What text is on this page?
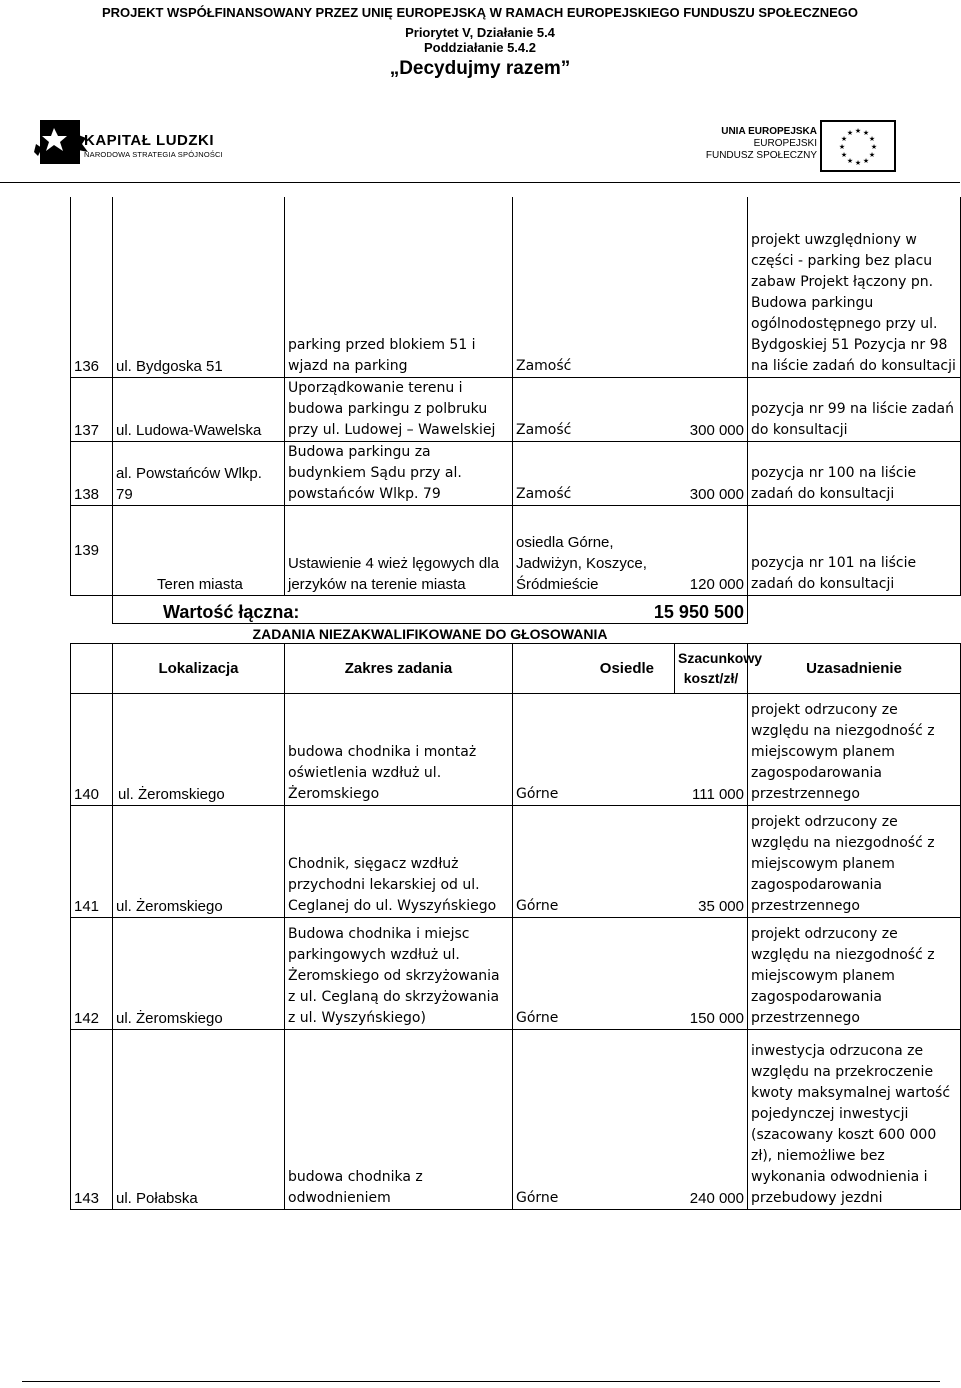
PROJEKT WSPÓŁFINANSOWANY PRZEZ UNIĘ EUROPEJSKĄ W RAMACH EUROPEJSKIEGO FUNDUSZU SPOŁECZNEGO
Priorytet V, Działanie 5.4
Poddziałanie 5.4.2
„Decydujmy razem”
KAPITAŁ LUDZKI
NARODOWA STRATEGIA SPÓJNOŚCI
UNIA EUROPEJSKA
EUROPEJSKI
FUNDUSZ SPOŁECZNY
★ ★
★
★
★
★
★
★
★
★
★
★
136	ul. Bydgoska 51	parking przed blokiem 51 i wjazd na parking	Zamość		projekt uwzględniony w części - parking bez placu zabaw Projekt łączony pn. Budowa parkingu ogólnodostępnego przy ul. Bydgoskiej 51 Pozycja nr 98 na liście zadań do konsultacji
137	ul. Ludowa-Wawelska	Uporządkowanie terenu i budowa parkingu z polbruku przy ul. Ludowej – Wawelskiej	Zamość	300 000	pozycja nr 99 na liście zadań do konsultacji
138	al. Powstańców Wlkp. 79	Budowa parkingu za budynkiem Sądu przy al. powstańców Wlkp. 79	Zamość	300 000	pozycja nr 100 na liście zadań do konsultacji
139	Teren miasta	Ustawienie 4 wież lęgowych dla jerzyków na terenie miasta	osiedla Górne, Jadwiżyn, Koszyce, Śródmieście	120 000	pozycja nr 101 na liście zadań do konsultacji
	Wartość łączna:		15 950 500		
	ZADANIA NIEZAKWALIFIKOWANE DO GŁOSOWANIA				
	Lokalizacja	Zakres zadania	Osiedle	Szacunkowy koszt/zł/	Uzasadnienie
140	ul. Żeromskiego	budowa chodnika i montaż oświetlenia wzdłuż ul. Żeromskiego	Górne	111 000	projekt odrzucony ze względu na niezgodność z miejscowym planem zagospodarowania przestrzennego
141	ul. Żeromskiego	Chodnik, sięgacz wzdłuż przychodni lekarskiej od ul. Ceglanej do ul. Wyszyńskiego	Górne	35 000	projekt odrzucony ze względu na niezgodność z miejscowym planem zagospodarowania przestrzennego
142	ul. Żeromskiego	Budowa chodnika i miejsc parkingowych wzdłuż ul. Żeromskiego od skrzyżowania z ul. Ceglaną do skrzyżowania z ul. Wyszyńskiego)	Górne	150 000	projekt odrzucony ze względu na niezgodność z miejscowym planem zagospodarowania przestrzennego
143	ul. Połabska	budowa chodnika z odwodnieniem	Górne	240 000	inwestycja odrzucona ze względu na przekroczenie kwoty maksymalnej wartość pojedynczej inwestycji (szacowany koszt 600 000 zł), niemożliwe bez wykonania odwodnienia i przebudowy jezdni
